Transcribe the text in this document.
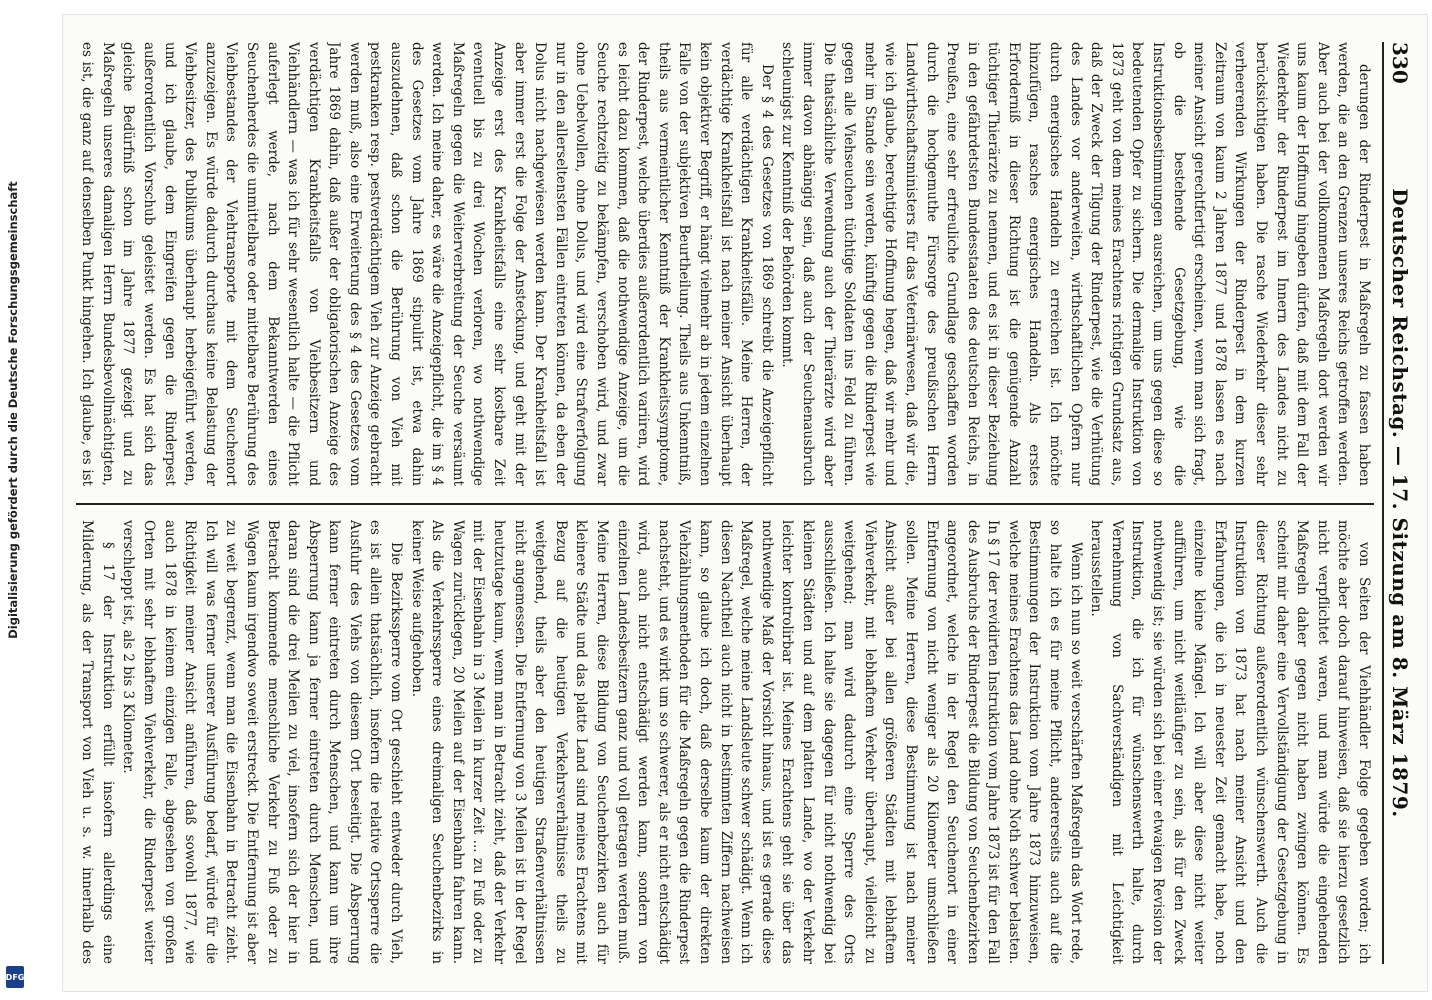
Digitalisierung gefördert durch die Deutsche Forschungsgemeinschaft
DFG
330
Deutscher Reichstag. — 17. Sitzung am 8. März 1879.

derungen der Rinderpest in Maßregeln zu fassen haben werden, die an den Grenzen unseres Reichs getroffen werden. Aber auch bei der vollkommenen Maßregeln dort werden wir uns kaum der Hoffnung hingeben dürfen, daß mit dem Fall der Wiederkehr der Rinderpest im Innern des Landes nicht zu berücksichtigen haben. Die rasche Wiederkehr dieser sehr verheerenden Wirkungen der Rinderpest in dem kurzen Zeitraum von kaum 2 Jahren 1877 und 1878 lassen es nach meiner Ansicht gerechtfertigt erscheinen, wenn man sich fragt, ob die bestehende Gesetzgebung, wie die Instruktionsbestimmungen ausreichen, um uns gegen diese so bedeutenden Opfer zu sichern. Die dermalige Instruktion von 1873 geht von dem meines Erachtens richtigen Grundsatz aus, daß der Zweck der Tilgung der Rinderpest, wie die Verhütung des Landes vor anderweiten, wirthschaftlichen Opfern nur durch energisches Handeln zu erreichen ist. Ich möchte hinzufügen, rasches energisches Handeln. Als erstes Erforderniß in dieser Richtung ist die genügende Anzahl tüchtiger Thierärzte zu nennen, und es ist in dieser Beziehung in den gefährdetsten Bundesstaaten des deutschen Reichs, in Preußen, eine sehr erfreuliche Grundlage geschaffen worden durch die hochgemuthe Fürsorge des preußischen Herrn Landwirthschaftsministers für das Veterinärwesen, daß wir die, wie ich glaube, berechtigte Hoffnung hegen, daß wir mehr und mehr im Stande sein werden, künftig gegen die Rinderpest wie gegen alle Viehseuchen tüchtige Soldaten ins Feld zu führen. Die thatsächliche Verwendung auch der Thierärzte wird aber immer davon abhängig sein, daß auch der Seuchenausbruch schleunigst zur Kenntniß der Behörden kommt.

Der § 4 des Gesetzes von 1869 schreibt die Anzeigepflicht für alle verdächtigen Krankheitsfälle. Meine Herren, der verdächtige Krankheitsfall ist nach meiner Ansicht überhaupt kein objektiver Begriff, er hängt vielmehr ab in jedem einzelnen Falle von der subjektiven Beurtheilung. Theils aus Unkenntniß, theils aus vermeintlicher Kenntniß der Krankheitssymptome, der Rinderpest, welche überdies außerordentlich variiren, wird es leicht dazu kommen, daß die nothwendige Anzeige, um die Seuche rechtzeitig zu bekämpfen, verschoben wird, und zwar ohne Uebelwollen, ohne Dolus, und wird eine Strafverfolgung nur in den allerseltensten Fällen eintreten können, da eben der Dolus nicht nachgewiesen werden kann. Der Krankheitsfall ist aber immer erst die Folge der Ansteckung, und geht mit der Anzeige erst des Krankheitsfalls eine sehr kostbare Zeit eventuell bis zu drei Wochen verloren, wo nothwendige Maßregeln gegen die Weiterverbreitung der Seuche versäumt werden. Ich meine daher, es wäre die Anzeigepflicht, die im § 4 des Gesetzes vom Jahre 1869 stipulirt ist, etwa dahin auszudehnen, daß schon die Berührung von Vieh mit pestkranken resp. pestverdächtigem Vieh zur Anzeige gebracht werden muß, also eine Erweiterung des § 4 des Gesetzes vom Jahre 1869 dahin, daß außer der obligatorischen Anzeige des verdächtigen Krankheitsfalls von Viehbesitzern und Viehhändlern — was ich für sehr wesentlich halte — die Pflicht auferlegt werde, nach dem Bekanntwerden eines Seuchenherdes die unmittelbare oder mittelbare Berührung des Viehbestandes der Viehtransporte mit dem Seuchenort anzuzeigen. Es würde dadurch durchaus keine Belastung der Viehbesitzer, des Publikums überhaupt herbeigeführt werden, und ich glaube, dem Eingreifen gegen die Rinderpest außerordentlich Vorschub geleistet werden. Es hat sich das gleiche Bedürfniß schon im Jahre 1877 gezeigt und zu Maßregeln unseres damaligen Herrn Bundesbevollmächtigten, es ist, die ganz auf denselben Punkt hingehen. Ich glaube, es ist

von Seiten der Viehhändler Folge gegeben worden; ich möchte aber doch darauf hinweisen, daß sie hierzu gesetzlich nicht verpflichtet waren, und man würde die eingehenden Maßregeln daher gegen nicht haben zwingen können. Es scheint mir daher eine Vervollständigung der Gesetzgebung in dieser Richtung außerordentlich wünschenswerth. Auch die Instruktion von 1873 hat nach meiner Ansicht und den Erfahrungen, die ich in neuester Zeit gemacht habe, noch einzelne kleine Mängel. Ich will aber diese nicht weiter aufführen, um nicht weitläufiger zu sein, als für den Zweck nothwendig ist; sie würden sich bei einer etwaigen Revision der Instruktion, die ich für wünschenswerth halte, durch Vernehmung von Sachverständigen mit Leichtigkeit herausstellen.

Wenn ich nun so weit verschärften Maßregeln das Wort rede, so halte ich es für meine Pflicht, andererseits auch auf die Bestimmungen der Instruktion vom Jahre 1873 hinzuweisen, welche meines Erachtens das Land ohne Noth schwer belasten. In § 17 der revidirten Instruktion vom Jahre 1873 ist für den Fall des Ausbruchs der Rinderpest die Bildung von Seuchenbezirken angeordnet, welche in der Regel den Seuchenort in einer Entfernung von nicht weniger als 20 Kilometer umschließen sollen. Meine Herren, diese Bestimmung ist nach meiner Ansicht außer bei allen größeren Städten mit lebhaftem Viehverkehr, mit lebhaftem Verkehr überhaupt, vielleicht zu weitgehend; man wird dadurch eine Sperre des Orts ausschließen. Ich halte sie dagegen für nicht nothwendig bei kleinen Städten und auf dem platten Lande, wo der Verkehr leichter kontrolirbar ist. Meines Erachtens geht sie über das nothwendige Maß der Vorsicht hinaus, und ist es gerade diese Maßregel, welche meine Landsleute schwer schädigt. Wenn ich diesen Nachtheil auch nicht in bestimmten Ziffern nachweisen kann, so glaube ich doch, daß derselbe kaum der direkten Viehzählungsmethoden für die Maßregeln gegen die Rinderpest nachsteht, und es wirkt um so schwerer, als er nicht entschädigt wird, auch nicht entschädigt werden kann, sondern von einzelnen Landesbesitzern ganz und voll getragen werden muß. Meine Herren, diese Bildung von Seuchenbezirken auch für kleinere Städte und das platte Land sind meines Erachtens mit Bezug auf die heutigen Verkehrsverhältnisse theils zu weitgehend, theils aber den heutigen Straßenverhältnissen nicht angemessen. Die Entfernung von 3 Meilen ist in der Regel heutzutage kaum, wenn man in Betracht zieht, daß der Verkehr mit der Eisenbahn in 3 Meilen in kurzer Zeit ... zu Fuß oder zu Wagen zurücklegen, 20 Meilen auf der Eisenbahn fahren kann. Als die Verkehrssperre eines dreimaligen Seuchenbezirks in keiner Weise aufgehoben.

Die Bezirkssperre vom Ort geschieht entweder durch Vieh, es ist allein thatsächlich, insofern die relative Ortssperre die Ausfuhr des Viehs von diesem Ort beseitigt. Die Absperrung kann ferner eintreten durch Menschen, und kann um ihre Absperrung kann ja ferner eintreten durch Menschen, und daran sind die drei Meilen zu viel, insofern sich der hier in Betracht kommende menschliche Verkehr zu Fuß oder zu Wagen kaum irgendwo soweit erstreckt. Die Entfernung ist aber zu weit begrenzt, wenn man die Eisenbahn in Betracht zieht. Ich will was ferner unserer Ausführung bedarf, würde für die Richtigkeit meiner Ansicht anführen, daß sowohl 1877, wie auch 1878 in keinem einzigen Falle, abgesehen von großen Orten mit sehr lebhaftem Viehverkehr, die Rinderpest weiter verschleppt ist, als 2 bis 3 Kilometer.

§ 17 der Instruktion erfüllt insofern allerdings eine Milderung, als der Transport von Vieh u. s. w. innerhalb des
